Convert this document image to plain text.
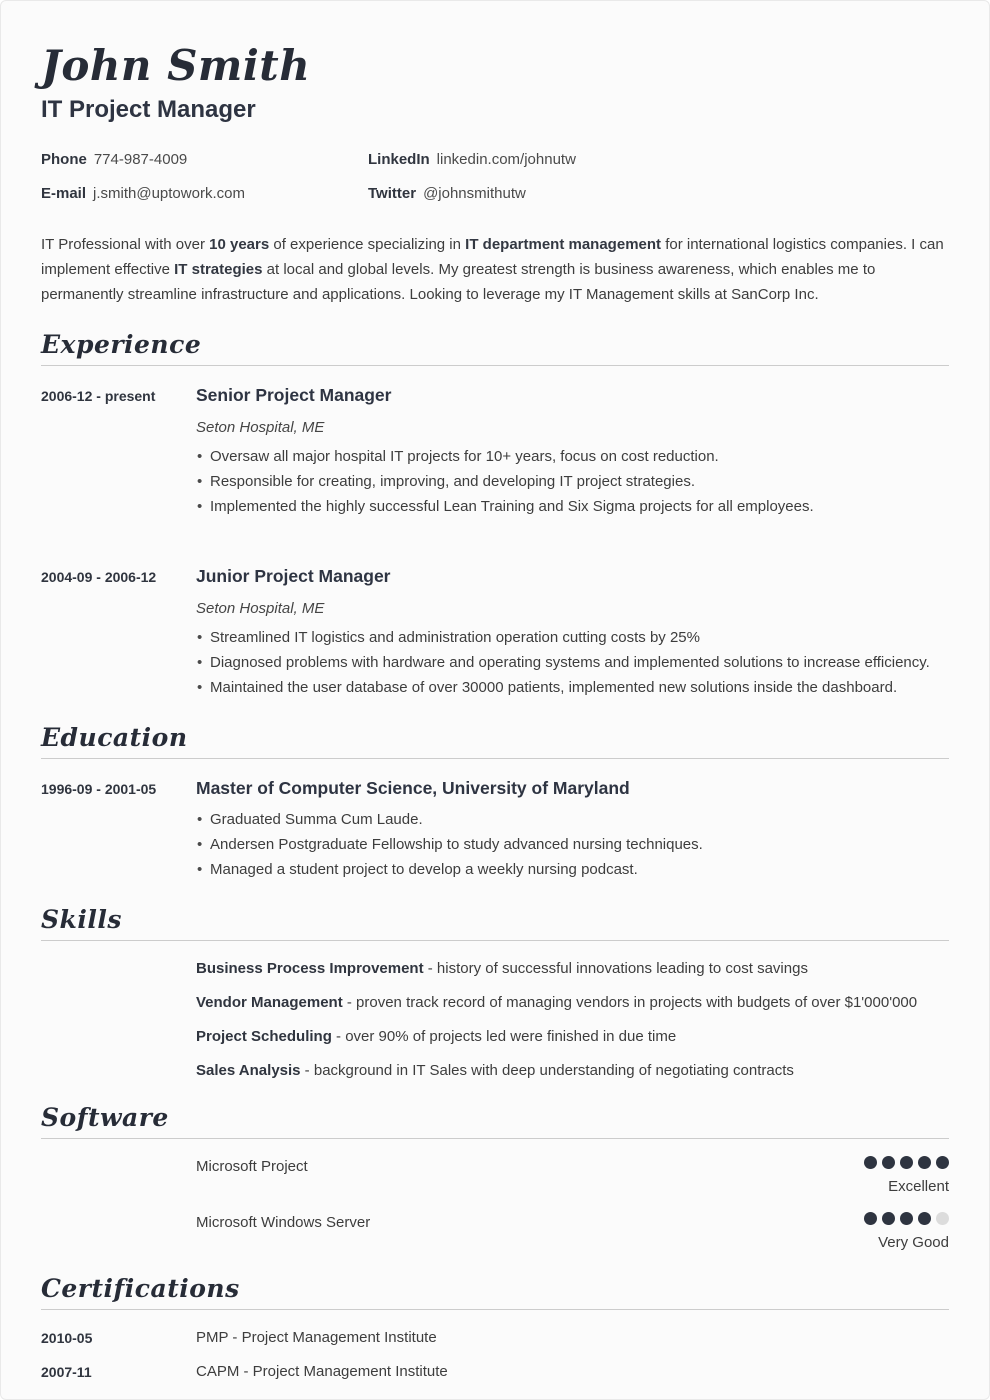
John Smith
IT Project Manager
Phone 774-987-4009	LinkedIn linkedin.com/johnutw
E-mail j.smith@uptowork.com	Twitter @johnsmithutw

IT Professional with over 10 years of experience specializing in IT department management for international logistics companies. I can implement effective IT strategies at local and global levels. My greatest strength is business awareness, which enables me to permanently streamline infrastructure and applications. Looking to leverage my IT Management skills at SanCorp Inc.

Experience
2006-12 - present	Senior Project Manager
Seton Hospital, ME
• Oversaw all major hospital IT projects for 10+ years, focus on cost reduction.
• Responsible for creating, improving, and developing IT project strategies.
• Implemented the highly successful Lean Training and Six Sigma projects for all employees.
2004-09 - 2006-12	Junior Project Manager
Seton Hospital, ME
• Streamlined IT logistics and administration operation cutting costs by 25%
• Diagnosed problems with hardware and operating systems and implemented solutions to increase efficiency.
• Maintained the user database of over 30000 patients, implemented new solutions inside the dashboard.
Education
1996-09 - 2001-05	Master of Computer Science, University of Maryland
• Graduated Summa Cum Laude.
• Andersen Postgraduate Fellowship to study advanced nursing techniques.
• Managed a student project to develop a weekly nursing podcast.
Skills
Business Process Improvement - history of successful innovations leading to cost savings
Vendor Management - proven track record of managing vendors in projects with budgets of over $1'000'000
Project Scheduling - over 90% of projects led were finished in due time
Sales Analysis - background in IT Sales with deep understanding of negotiating contracts
Software
Microsoft Project
Excellent
Microsoft Windows Server
Very Good
Certifications
2010-05	PMP - Project Management Institute
2007-11	CAPM - Project Management Institute
